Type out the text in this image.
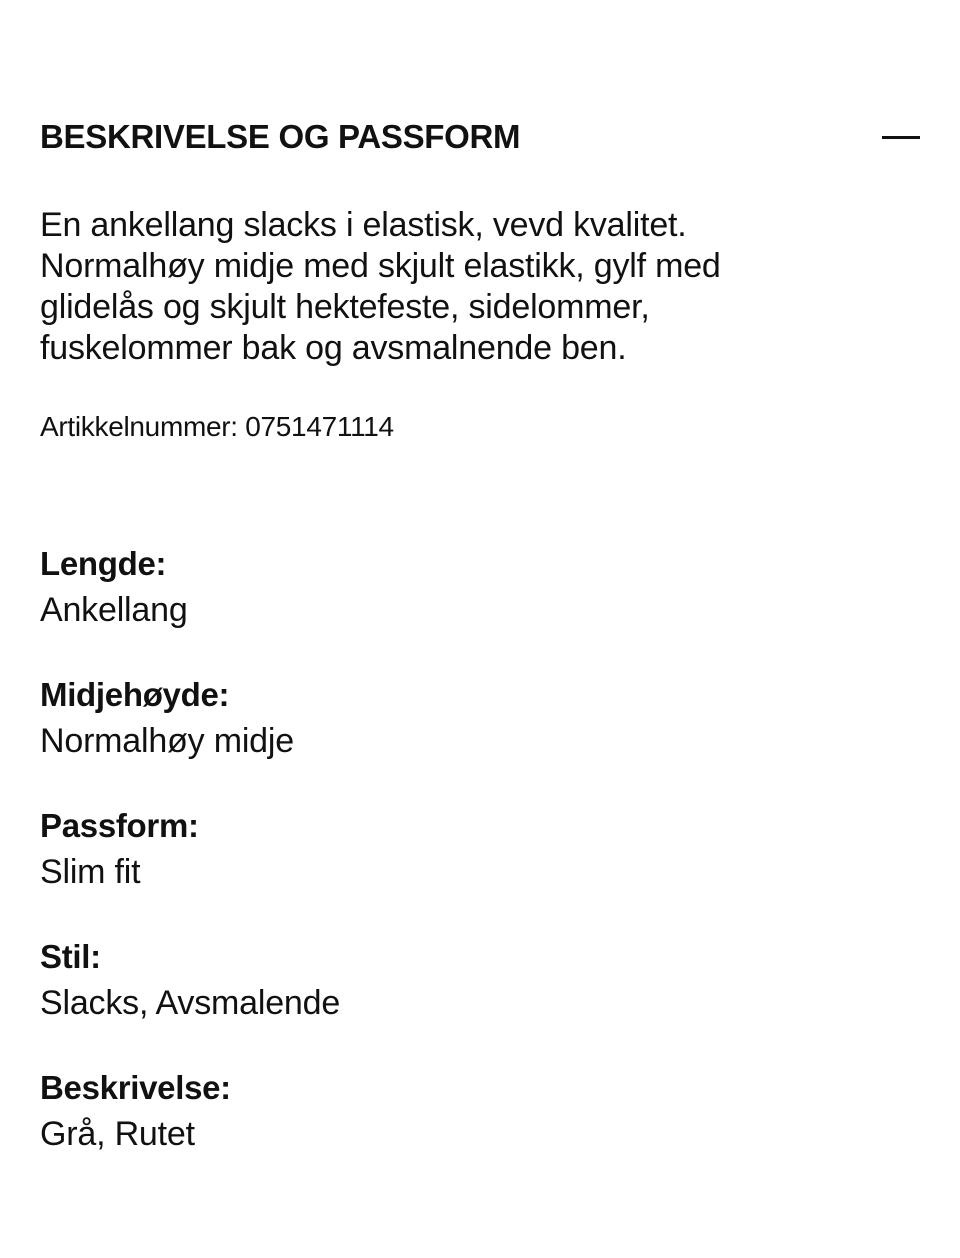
BESKRIVELSE OG PASSFORM

En ankellang slacks i elastisk, vevd kvalitet.
Normalhøy midje med skjult elastikk, gylf med
glidelås og skjult hektefeste, sidelommer,
fuskelommer bak og avsmalnende ben.

Artikkelnummer: 0751471114
Lengde:
Ankellang
Midjehøyde:
Normalhøy midje
Passform:
Slim fit
Stil:
Slacks, Avsmalende
Beskrivelse:
Grå, Rutet
